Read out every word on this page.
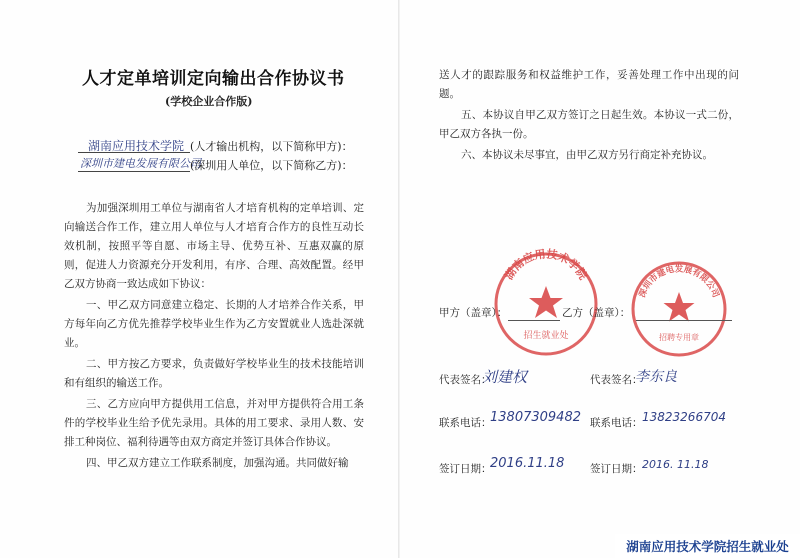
人才定单培训定向输出合作协议书
(学校企业合作版)
湖南应用技术学院 (人才输出机构，以下简称甲方)：
深圳市建电发展有限公司
(深圳用人单位，以下简称乙方)：

为加强深圳用工单位与湖南省人才培育机构的定单培训、定向输送合作工作，建立用人单位与人才培育合作方的良性互动长效机制，按照平等自愿、市场主导、优势互补、互惠双赢的原则，促进人力资源充分开发利用，有序、合理、高效配置。经甲乙双方协商一致达成如下协议：

一、甲乙双方同意建立稳定、长期的人才培养合作关系，甲方每年向乙方优先推荐学校毕业生作为乙方安置就业人选赴深就业。

二、甲方按乙方要求，负责做好学校毕业生的技术技能培训和有组织的输送工作。

三、乙方应向甲方提供用工信息，并对甲方提供符合用工条件的学校毕业生给予优先录用。具体的用工要求、录用人数、安排工种岗位、福利待遇等由双方商定并签订具体合作协议。

四、甲乙双方建立工作联系制度，加强沟通。共同做好输

送人才的跟踪服务和权益维护工作，妥善处理工作中出现的问题。

五、本协议自甲乙双方签订之日起生效。本协议一式二份，甲乙双方各执一份。

六、本协议未尽事宜，由甲乙双方另行商定补充协议。

湖南应用技术学院
招生就业处
深圳市建电发展有限公司
招聘专用章
甲方（盖章）：	乙方（盖章）：
代表签名：
刘建权	代表签名：
李东良
联系电话：
13807309482 联系电话： 13823266704
签订日期：
2016.11.18 签订日期： 2016. 11.18
湖南应用技术学院招生就业处
